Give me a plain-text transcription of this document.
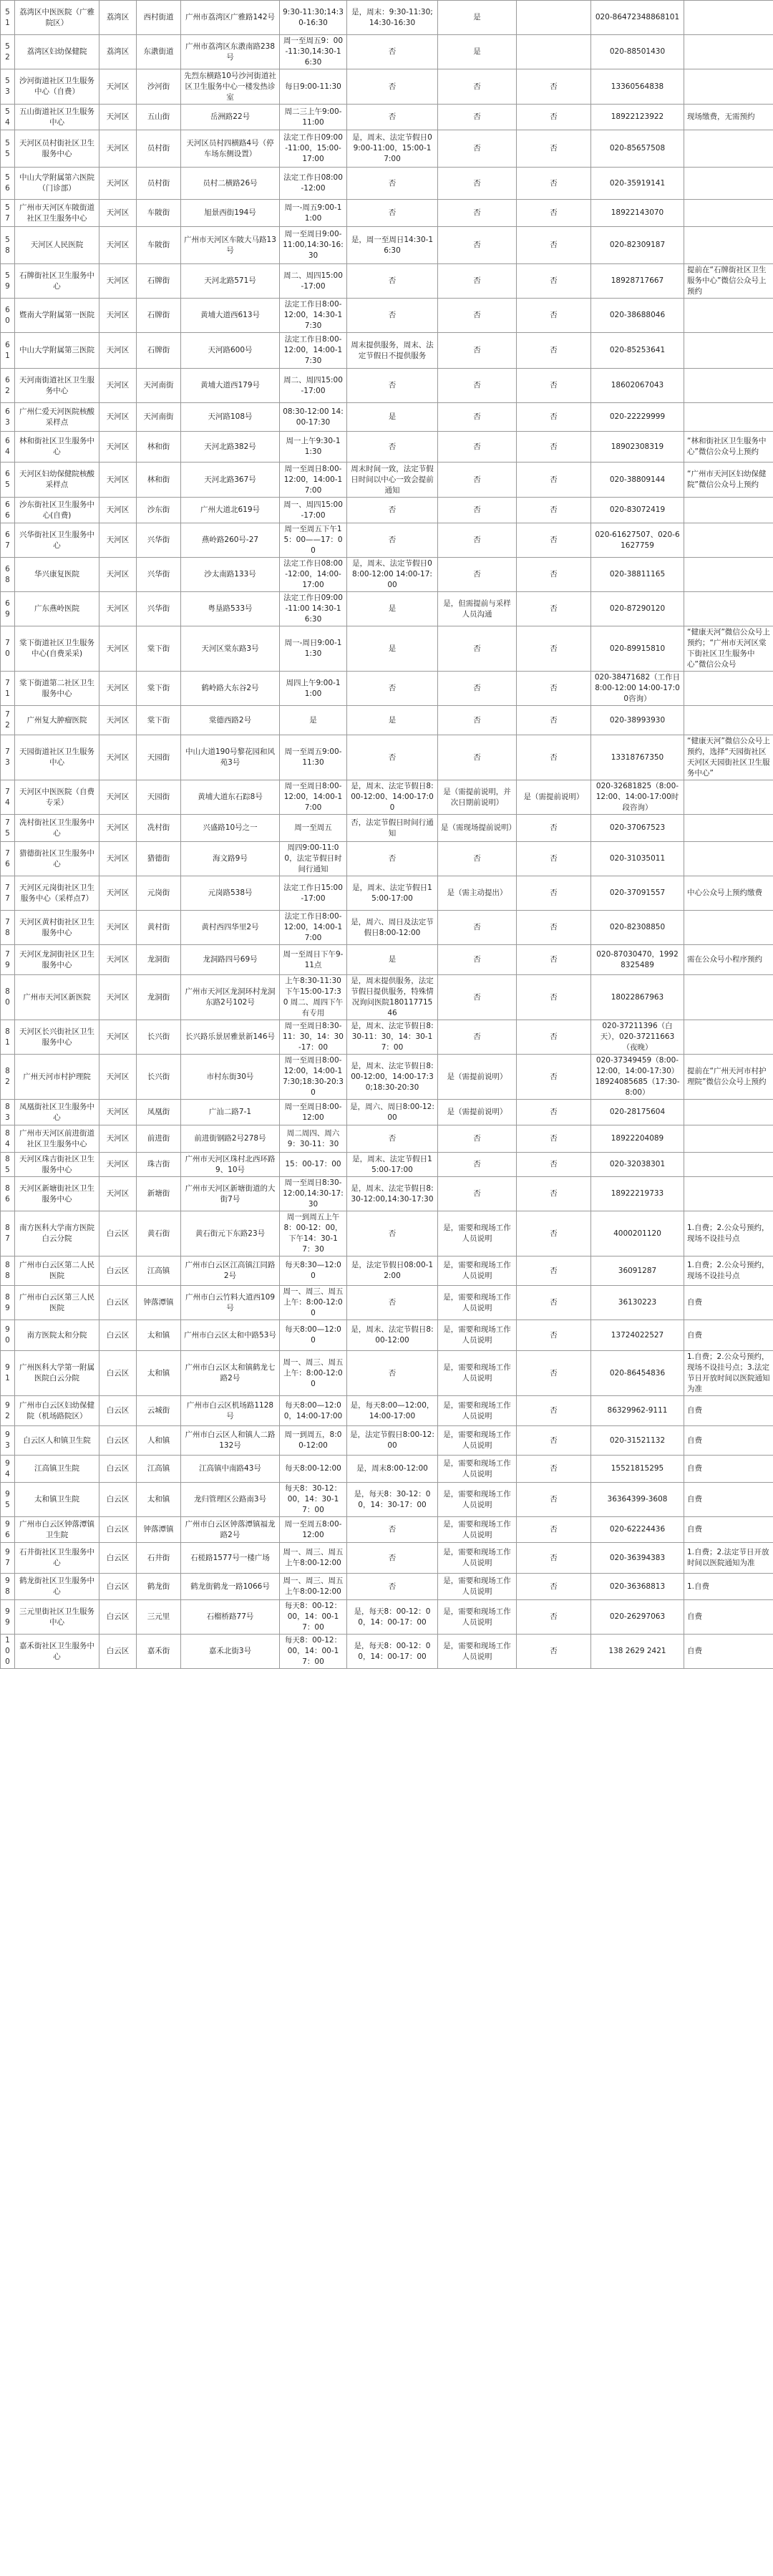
51	荔湾区中医医院（广雅院区）	荔湾区	西村街道	广州市荔湾区广雅路142号	9:30-11:30;14:30-16:30	是，周末：9:30-11:30;14:30-16:30	是		020-86472348868101	
52	荔湾区妇幼保健院	荔湾区	东漖街道	广州市荔湾区东漖南路238号	周一至周五9：00-11:30,14:30-16:30	否	是		020-88501430	
53	沙河街道社区卫生服务中心（自费）	天河区	沙河街	先烈东横路10号沙河街道社区卫生服务中心一楼发热诊室	每日9:00-11:30	否	否	否	13360564838	
54	五山街道社区卫生服务中心	天河区	五山街	岳洲路22号	周二三上午9:00-11:00	否	否	否	18922123922	现场缴费，无需预约
55	天河区员村街社区卫生服务中心	天河区	员村街	天河区员村四横路4号（停车场东侧设置）	法定工作日09:00-11:00，15:00-17:00	是，周末、法定节假日09:00-11:00，15:00-17:00	否	否	020-85657508	
56	中山大学附属第六医院（门诊部）	天河区	员村街	员村二横路26号	法定工作日08:00-12:00	否	否	否	020-35919141	
57	广州市天河区车陂街道社区卫生服务中心	天河区	车陂街	旭景西街194号	周一-周五9:00-11:00	否	否	否	18922143070	
58	天河区人民医院	天河区	车陂街	广州市天河区车陂大马路13号	周一至周日9:00-11:00,14:30-16:30	是，周一至周日14:30-16:30	否	否	020-82309187	
59	石牌街社区卫生服务中心	天河区	石牌街	天河北路571号	周二、周四15:00-17:00	否	否	否	18928717667	提前在“石牌街社区卫生服务中心”微信公众号上预约
60	暨南大学附属第一医院	天河区	石牌街	黄埔大道西613号	法定工作日8:00-12:00，14:30-17:30	否	否	否	020-38688046	
61	中山大学附属第三医院	天河区	石牌街	天河路600号	法定工作日8:00-12:00，14:00-17:30	周末提供服务，周末、法定节假日不提供服务	否	否	020-85253641	
62	天河南街道社区卫生服务中心	天河区	天河南街	黄埔大道西179号	周二、周四15:00-17:00	否	否	否	18602067043	
63	广州仁爱天河医院核酸采样点	天河区	天河南街	天河路108号	08:30-12:00 14:00-17:30	是	否	否	020-22229999	
64	林和街社区卫生服务中心	天河区	林和街	天河北路382号	周一上午9:30-11:30	否	否	否	18902308319	“林和街社区卫生服务中心”微信公众号上预约
65	天河区妇幼保健院核酸采样点	天河区	林和街	天河北路367号	周一至周日8:00-12:00，14:00-17:00	周末时间一致，法定节假日时间以中心一致会提前通知	否	否	020-38809144	“广州市天河区妇幼保健院”微信公众号上预约
66	沙东街社区卫生服务中心(自费)	天河区	沙东街	广州大道北619号	周一、周四15:00-17:00	否	否	否	020-83072419	
67	兴华街社区卫生服务中心	天河区	兴华街	燕岭路260号-27	周一至周五下午15：00——17：00	否	否	否	020-61627507、020-61627759	
68	华兴康复医院	天河区	兴华街	沙太南路133号	法定工作日08:00-12:00，14:00-17:00	是，周末、法定节假日08:00-12:00 14:00-17:00	否	否	020-38811165	
69	广东燕岭医院	天河区	兴华街	粤垦路533号	法定工作日09:00-11:00 14:30-16:30	是	是，但需提前与采样人员沟通	否	020-87290120	
70	棠下街道社区卫生服务中心(自费采采)	天河区	棠下街	天河区棠东路3号	周一-周日9:00-11:30	是	否	否	020-89915810	“健康天河”微信公众号上预约；“广州市天河区棠下街社区卫生服务中心”微信公众号
71	棠下街道第二社区卫生服务中心	天河区	棠下街	鹤岭路大东谷2号	周四上午9:00-11:00	否	否	否	020-38471682（工作日8:00-12:00 14:00-17:00咨询）	
72	广州复大肿瘤医院	天河区	棠下街	棠德西路2号	是	是	否	否	020-38993930	
73	天园街道社区卫生服务中心	天河区	天园街	中山大道190号黎花园和风苑3号	周一至周五9:00-11:30	否	否	否	13318767350	“健康天河”微信公众号上预约，选择“天园街社区天河区天园街社区卫生服务中心”
74	天河区中医医院（自费专采）	天河区	天园街	黄埔大道东石踪8号	周一至周日8:00-12:00，14:00-17:00	是，周末、法定节假日8:00-12:00、14:00-17:00	是（需提前说明，并次日期前说明）	是（需提前说明）	020-32681825（8:00-12:00、14:00-17:00时段咨询）	
75	冼村街社区卫生服务中心	天河区	冼村街	兴盛路10号之一	周一至周五	否，法定节假日时间行通知	是（需现场提前说明）	否	020-37067523	
76	猎德街社区卫生服务中心	天河区	猎德街	海文路9号	周四9:00-11:00，法定节假日时间行通知	否	否	否	020-31035011	
77	天河区元岗街社区卫生服务中心（采样点7）	天河区	元岗街	元岗路538号	法定工作日15:00-17:00	是，周末、法定节假日15:00-17:00	是（需主动提出）	否	020-37091557	中心公众号上预约缴费
78	天河区黄村街社区卫生服务中心	天河区	黄村街	黄村西四华里2号	法定工作日8:00-12:00，14:00-17:00	是，周六、周日及法定节假日8:00-12:00	否	否	020-82308850	
79	天河区龙洞街社区卫生服务中心	天河区	龙洞街	龙洞路四号69号	周一至周日下午9-11点	是	否	否	020-87030470，19928325489	需在公众号小程序预约
80	广州市天河区新医院	天河区	龙洞街	广州市天河区龙洞环村龙洞东路2号102号	上午8:30-11:30 下午15:00-17:30 周二、周四下午有专用	是，周末提供服务，法定节假日提供服务，特殊情况询问医院18011771546	否	否	18022867963	
81	天河区长兴街社区卫生服务中心	天河区	长兴街	长兴路乐景居雅景新146号	周一至周日8:30-11：30，14：30-17：00	是，周末、法定节假日8:30-11：30，14：30-17：00	否	否	020-37211396（白天），020-37211663（夜晚）	
82	广州天河市村护理院	天河区	长兴街	市村东街30号	周一至周日8:00-12:00，14:00-17:30;18:30-20:30	是，周末、法定节假日8:00-12:00，14:00-17:30;18:30-20:30	是（需提前说明）	否	020-37349459（8:00-12:00，14:00-17:30）18924085685（17:30-8:00）	提前在“广州天河市村护理院”微信公众号上预约
83	凤凰街社区卫生服务中心	天河区	凤凰街	广汕二路7-1	周一至周日8:00-12:00	是，周六、周日8:00-12:00	是（需提前说明）	否	020-28175604	
84	广州市天河区前进街道社区卫生服务中心	天河区	前进街	前进街钢路2号278号	周二周四、周六9：30-11：30	否	否	否	18922204089	
85	天河区珠吉街社区卫生服务中心	天河区	珠吉街	广州市天河区珠村北西环路9、10号	15：00-17：00	是，周末、法定节假日15:00-17:00	否	否	020-32038301	
86	天河区新塘街社区卫生服务中心	天河区	新塘街	广州市天河区新塘街道的大街7号	周一至周日8:30-12:00,14:30-17:30	是，周末、法定节假日8:30-12:00,14:30-17:30	否	否	18922219733	
87	南方医科大学南方医院白云分院	白云区	黄石街	黄石街元下东路23号	周一到周五上午8：00-12：00，下午14：30-17：30	否	是，需要和现场工作人员说明	否	4000201120	1.自费；2.公众号预约，现场不设挂号点
88	广州市白云区第二人民医院	白云区	江高镇	广州市白云区江高镇江同路2号	每天8:30—12:00	是，法定节假日08:00-12:00	是，需要和现场工作人员说明	否	36091287	1.自费；2.公众号预约，现场不设挂号点
89	广州市白云区第三人民医院	白云区	钟落潭镇	广州市白云竹料大道西109号	周一、周三、周五上午：8:00-12:00	否	是，需要和现场工作人员说明	否	36130223	自费
90	南方医院太和分院	白云区	太和镇	广州市白云区太和中路53号	每天8:00—12:00	是，周末、法定节假日8:00-12:00	是，需要和现场工作人员说明	否	13724022527	自费
91	广州医科大学第一附属医院白云分院	白云区	太和镇	广州市白云区太和镇鹤龙七路2号	周一、周三、周五上午：8:00-12:00	否	是，需要和现场工作人员说明	否	020-86454836	1.自费；2.公众号预约，现场不设挂号点；3.法定节日开放时间以医院通知为准
92	广州市白云区妇幼保健院（机场路院区）	白云区	云城街	广州市白云区机场路1128号	每天8:00—12:00，14:00-17:00	是，每天8:00—12:00，14:00-17:00	是，需要和现场工作人员说明	否	86329962-9111	自费
93	白云区人和镇卫生院	白云区	人和镇	广州市白云区人和镇人二路132号	周一到周五，8:00-12:00	是，法定节假日8:00-12:00	是，需要和现场工作人员说明	否	020-31521132	自费
94	江高镇卫生院	白云区	江高镇	江高镇中南路43号	每天8:00-12:00	是，周末8:00-12:00	是，需要和现场工作人员说明	否	15521815295	自费
95	太和镇卫生院	白云区	太和镇	龙归管理区公路南3号	每天8：30-12：00，14：30-17：00	是，每天8：30-12：00，14：30-17：00	是，需要和现场工作人员说明	否	36364399-3608	自费
96	广州市白云区钟落潭镇卫生院	白云区	钟落潭镇	广州市白云区钟落潭镇福龙路2号	周一至周五8:00-12:00	否	是，需要和现场工作人员说明	否	020-62224436	自费
97	石井街社区卫生服务中心	白云区	石井街	石槎路1577号一楼广场	周一、周三、周五上午8:00-12:00	否	是，需要和现场工作人员说明	否	020-36394383	1.自费；2.法定节日开放时间以医院通知为准
98	鹤龙街社区卫生服务中心	白云区	鹤龙街	鹤龙街鹤龙一路1066号	周一、周三、周五上午8:00-12:00	否	是，需要和现场工作人员说明	否	020-36368813	1.自费
99	三元里街社区卫生服务中心	白云区	三元里	石榴桥路77号	每天8：00-12：00，14：00-17：00	是，每天8：00-12：00，14：00-17：00	是，需要和现场工作人员说明	否	020-26297063	自费
100	嘉禾街社区卫生服务中心	白云区	嘉禾街	嘉禾北街3号	每天8：00-12：00，14：00-17：00	是，每天8：00-12：00，14：00-17：00	是，需要和现场工作人员说明	否	138 2629 2421	自费
